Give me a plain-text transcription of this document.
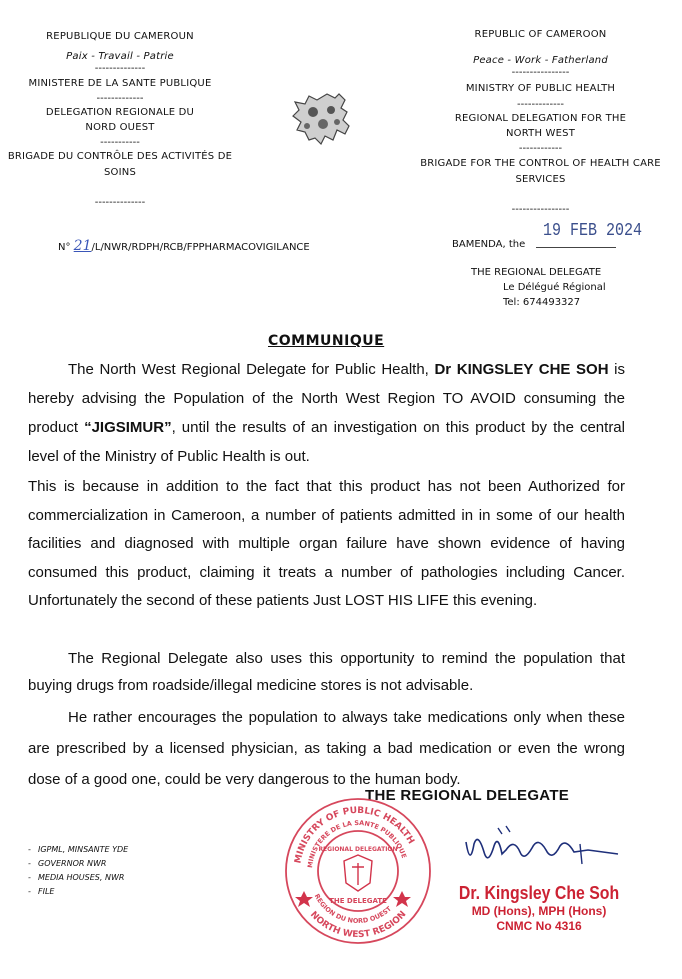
REPUBLIQUE DU CAMEROUN
Paix - Travail - Patrie
--------------
MINISTERE DE LA SANTE PUBLIQUE
-------------
DELEGATION REGIONALE DU
NORD OUEST
-----------
BRIGADE DU CONTRÔLE DES ACTIVITÉS DE
SOINS
--------------
REPUBLIC OF CAMEROON
Peace - Work - Fatherland
----------------
MINISTRY OF PUBLIC HEALTH
-------------
REGIONAL DELEGATION FOR THE
NORTH WEST
------------
BRIGADE FOR THE CONTROL OF HEALTH CARE
SERVICES
----------------
N° 21/L/NWR/RDPH/RCB/FPPHARMACOVIGILANCE	BAMENDA, the
19 FEB 2024
THE REGIONAL DELEGATE
Le Délégué Régional
Tel: 674493327
COMMUNIQUE

The North West Regional Delegate for Public Health, Dr KINGSLEY CHE SOH is hereby advising the Population of the North West Region TO AVOID consuming the product “JIGSIMUR”, until the results of an investigation on this product by the central level of the Ministry of Public Health is out.

This is because in addition to the fact that this product has not been Authorized for commercialization in Cameroon, a number of patients admitted in in some of our health facilities and diagnosed with multiple organ failure have shown evidence of having consumed this product, claiming it treats a number of pathologies including Cancer. Unfortunately the second of these patients Just LOST HIS LIFE this evening.

The Regional Delegate also uses this opportunity to remind the population that buying drugs from roadside/illegal medicine stores is not advisable.

He rather encourages the population to always take medications only when these are prescribed by a licensed physician, as taking a bad medication or even the wrong dose of a good one, could be very dangerous to the human body.

THE REGIONAL DELEGATE
MINISTRY OF PUBLIC HEALTH
MINISTERE DE LA SANTE PUBLIQUE
NORTH WEST REGION
REGION DU NORD OUEST
REGIONAL DELEGATION
THE DELEGATE	Dr. Kingsley Che Soh
MD (Hons), MPH (Hons)
CNMC No 4316
- IGPML, MINSANTE YDE
- GOVERNOR NWR
- MEDIA HOUSES, NWR
- FILE
